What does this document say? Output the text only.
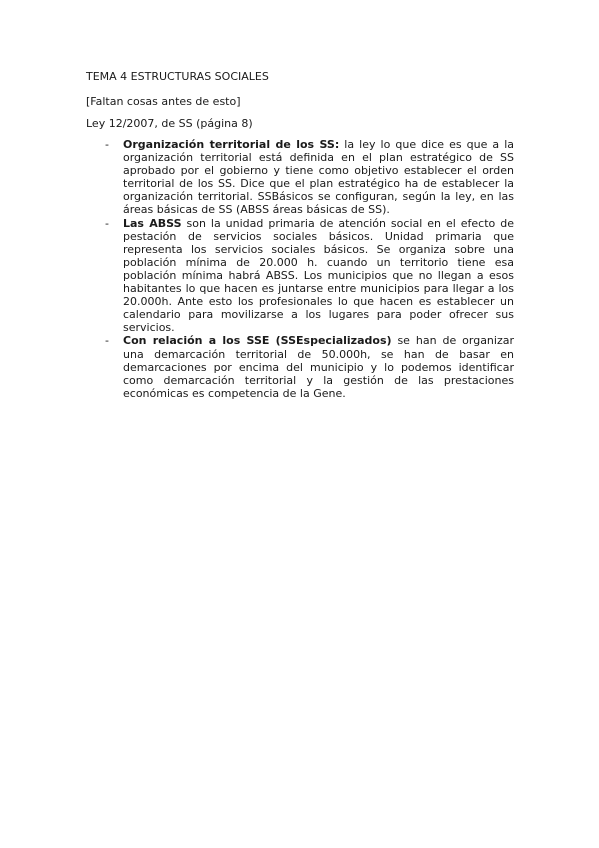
TEMA 4 ESTRUCTURAS SOCIALES

[Faltan cosas antes de esto]

Ley 12/2007, de SS (página 8)

- Organización territorial de los SS: la ley lo que dice es que a la organización territorial está definida en el plan estratégico de SS aprobado por el gobierno y tiene como objetivo establecer el orden territorial de los SS. Dice que el plan estratégico ha de establecer la organización territorial. SSBásicos se configuran, según la ley, en las áreas básicas de SS (ABSS áreas básicas de SS).
- Las ABSS son la unidad primaria de atención social en el efecto de pestación de servicios sociales básicos. Unidad primaria que representa los servicios sociales básicos. Se organiza sobre una población mínima de 20.000 h. cuando un territorio tiene esa población mínima habrá ABSS. Los municipios que no llegan a esos habitantes lo que hacen es juntarse entre municipios para llegar a los 20.000h. Ante esto los profesionales lo que hacen es establecer un calendario para movilizarse a los lugares para poder ofrecer sus servicios.
- Con relación a los SSE (SSEspecializados) se han de organizar una demarcación territorial de 50.000h, se han de basar en demarcaciones por encima del municipio y lo podemos identificar como demarcación territorial y la gestión de las prestaciones económicas es competencia de la Gene.
